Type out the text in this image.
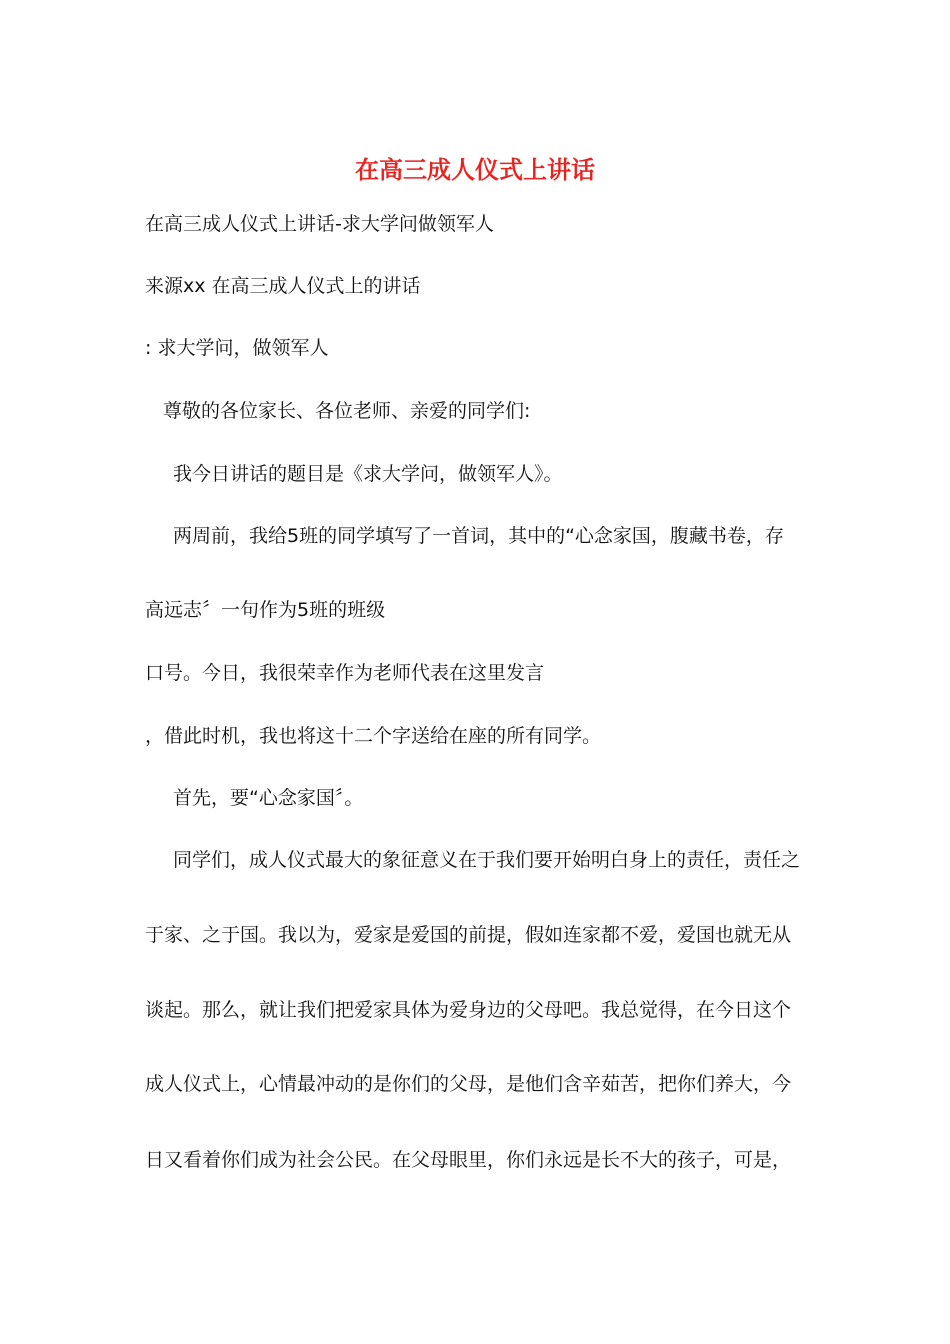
在高三成人仪式上讲话

在高三成人仪式上讲话-求大学问做领军人

来源xx 在高三成人仪式上的讲话

: 求大学问，做领军人

尊敬的各位家长、各位老师、亲爱的同学们:

我今日讲话的题目是《求大学问，做领军人》。

两周前，我给5班的同学填写了一首词，其中的“心念家国，腹藏书卷，存

高远志〞一句作为5班的班级

口号。今日，我很荣幸作为老师代表在这里发言

，借此时机，我也将这十二个字送给在座的所有同学。

首先，要“心念家国〞。

同学们，成人仪式最大的象征意义在于我们要开始明白身上的责任，责任之

于家、之于国。我以为，爱家是爱国的前提，假如连家都不爱，爱国也就无从

谈起。那么，就让我们把爱家具体为爱身边的父母吧。我总觉得，在今日这个

成人仪式上，心情最冲动的是你们的父母，是他们含辛茹苦，把你们养大，今

日又看着你们成为社会公民。在父母眼里，你们永远是长不大的孩子，可是，
